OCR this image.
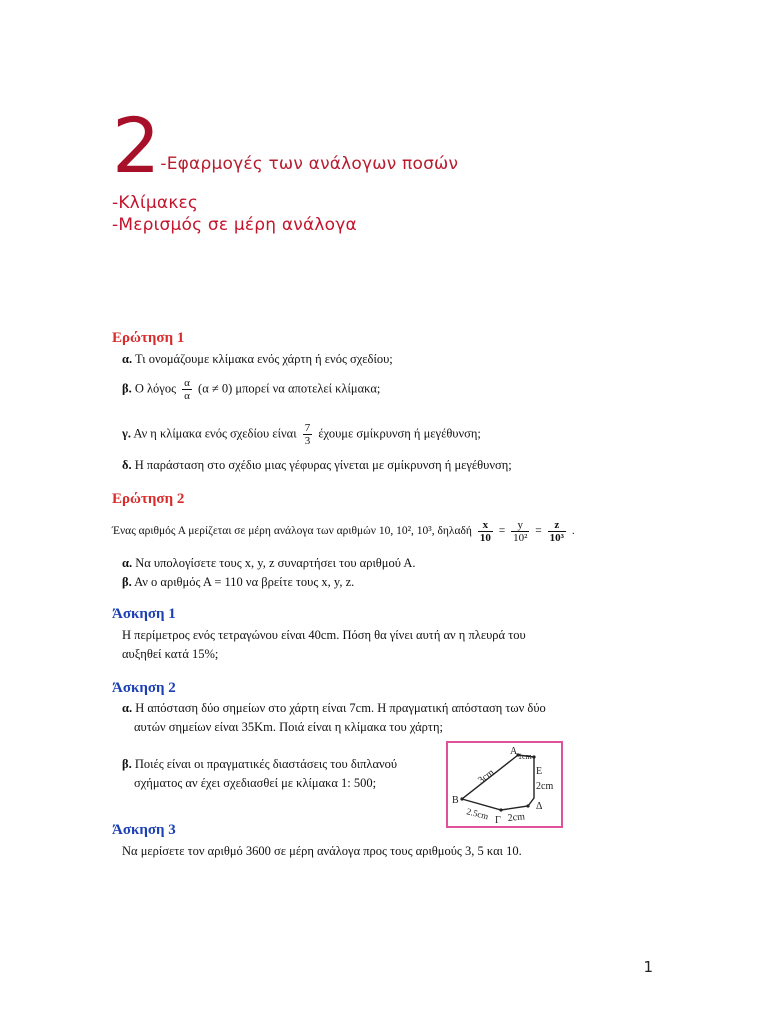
2-Εφαρμογές των ανάλογων ποσών
-Κλίμακες
-Μερισμός σε μέρη ανάλογα
Ερώτηση 1
α. Τι ονομάζουμε κλίμακα ενός χάρτη ή ενός σχεδίου;
β. Ο λόγος $\frac{\alpha}{\alpha} (\alpha \ne 0)$ μπορεί να αποτελεί κλίμακα;
γ. Αν η κλίμακα ενός σχεδίου είναι $\frac{7}{3}$ έχουμε σμίκρυνση ή μεγέθυνση;
δ. Η παράσταση στο σχέδιο μιας γέφυρας γίνεται με σμίκρυνση ή μεγέθυνση;
Ερώτηση 2
Ένας αριθμός Α μερίζεται σε μέρη ανάλογα των αριθμών 10, 10², 10³, δηλαδή $\frac{x}{10} = \frac{y}{\text{10²}} = \frac{z}{\text{10³}}$ .
α. Να υπολογίσετε τους x, y, z συναρτήσει του αριθμού Α.
β. Αν ο αριθμός Α = 110 να βρείτε τους x, y, z.
Άσκηση 1
Η περίμετρος ενός τετραγώνου είναι 40cm. Πόση θα γίνει αυτή αν η πλευρά του
αυξηθεί κατά 15%;
Άσκηση 2
α. Η απόσταση δύο σημείων στο χάρτη είναι 7cm. Η πραγματική απόσταση των δύο
αυτών σημείων είναι 35Km. Ποιά είναι η κλίμακα του χάρτη;
β. Ποιές είναι οι πραγματικές διαστάσεις του διπλανού
σχήματος αν έχει σχεδιασθεί με κλίμακα 1: 500;
Α 1cm
Ε
2cm
Δ
Β
3cm
2.5cm Γ 2cm
Άσκηση 3
Να μερίσετε τον αριθμό 3600 σε μέρη ανάλογα προς τους αριθμούς 3, 5 και 10.
1
